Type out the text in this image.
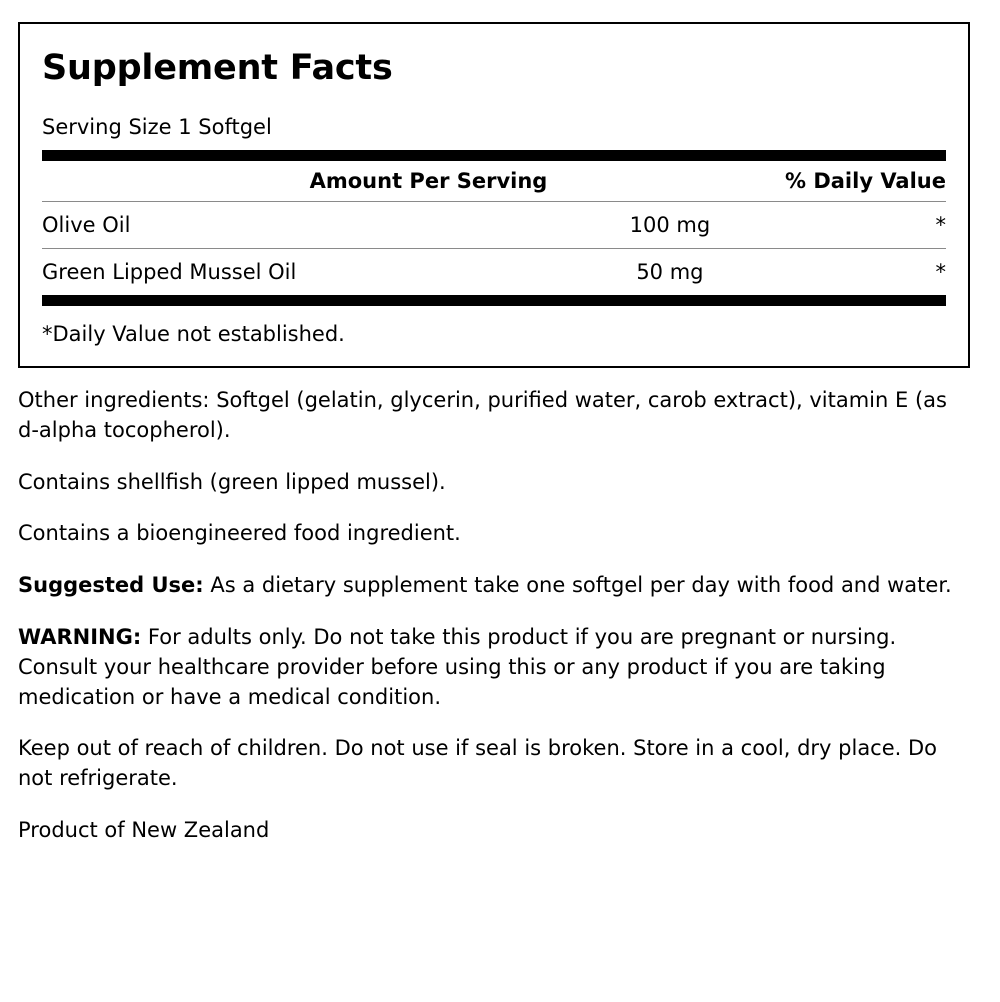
Supplement Facts
Serving Size 1 Softgel
Amount Per Serving	% Daily Value
Olive Oil	100 mg	*
Green Lipped Mussel Oil	50 mg	*
*Daily Value not established.

Other ingredients: Softgel (gelatin, glycerin, purified water, carob extract), vitamin E (as d-alpha tocopherol).

Contains shellfish (green lipped mussel).

Contains a bioengineered food ingredient.

Suggested Use: As a dietary supplement take one softgel per day with food and water.

WARNING: For adults only. Do not take this product if you are pregnant or nursing. Consult your healthcare provider before using this or any product if you are taking medication or have a medical condition.

Keep out of reach of children. Do not use if seal is broken. Store in a cool, dry place. Do not refrigerate.

Product of New Zealand
